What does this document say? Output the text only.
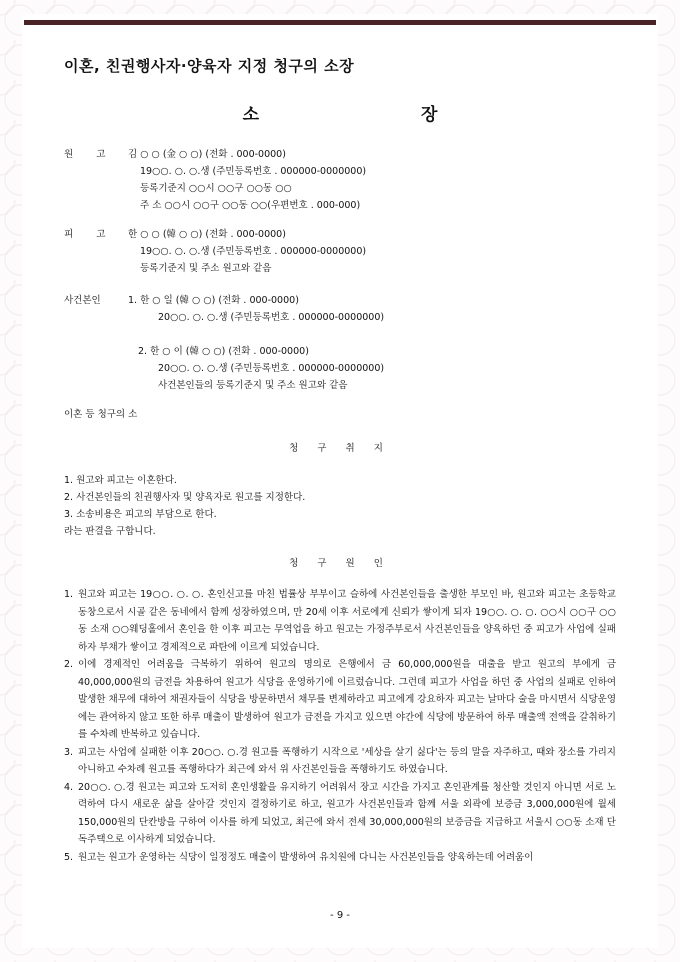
이혼, 친권행사자·양육자 지정 청구의 소장
소 장
원 고 김 ○ ○ (金 ○ ○) (전화 . 000-0000)
19○○. ○. ○.생 (주민등록번호 . 000000-0000000)
등록기준지 ○○시 ○○구 ○○동 ○○
주 소 ○○시 ○○구 ○○동 ○○(우편번호 . 000-000)
피 고 한 ○ ○ (韓 ○ ○) (전화 . 000-0000)
19○○. ○. ○.생 (주민등록번호 . 000000-0000000)
등록기준지 및 주소 원고와 같음
사건본인	1. 한 ○ 일 (韓 ○ ○) (전화 . 000-0000)
20○○. ○. ○.생 (주민등록번호 . 000000-0000000)
2. 한 ○ 이 (韓 ○ ○) (전화 . 000-0000)
20○○. ○. ○.생 (주민등록번호 . 000000-0000000)
사건본인들의 등록기준지 및 주소 원고와 같음
이혼 등 청구의 소
청 구 취 지
1. 원고와 피고는 이혼한다.
2. 사건본인들의 친권행사자 및 양육자로 원고를 지정한다.
3. 소송비용은 피고의 부담으로 한다.
라는 판결을 구합니다.
청 구 원 인
1. 원고와 피고는 19○○. ○. ○. 혼인신고를 마친 법률상 부부이고 슬하에 사건본인들을 출생한 부모인 바, 원고와 피고는 초등학교 동창으로서 시골 같은 동네에서 함께 성장하였으며, 만 20세 이후 서로에게 신뢰가 쌓이게 되자 19○○. ○. ○. ○○시 ○○구 ○○동 소재 ○○웨딩홀에서 혼인을 한 이후 피고는 무역업을 하고 원고는 가정주부로서 사건본인들을 양육하던 중 피고가 사업에 실패하자 부채가 쌓이고 경제적으로 파탄에 이르게 되었습니다.
2. 이에 경제적인 어려움을 극복하기 위하여 원고의 명의로 은행에서 금 60,000,000원을 대출을 받고 원고의 부에게 금 40,000,000원의 금전을 차용하여 원고가 식당을 운영하기에 이르렀습니다. 그런데 피고가 사업을 하던 중 사업의 실패로 인하여 발생한 채무에 대하여 채권자들이 식당을 방문하면서 채무를 변제하라고 피고에게 강요하자 피고는 날마다 술을 마시면서 식당운영에는 관여하지 않고 또한 하루 매출이 발생하여 원고가 금전을 가지고 있으면 야간에 식당에 방문하여 하루 매출액 전액을 갈취하기를 수차례 반복하고 있습니다.
3. 피고는 사업에 실패한 이후 20○○. ○.경 원고를 폭행하기 시작으로 '세상을 살기 싫다'는 등의 말을 자주하고, 때와 장소를 가리지 아니하고 수차례 원고를 폭행하다가 최근에 와서 위 사건본인들을 폭행하기도 하였습니다.
4. 20○○. ○.경 원고는 피고와 도저히 혼인생활을 유지하기 어려워서 장고 시간을 가지고 혼인관계를 청산할 것인지 아니면 서로 노력하여 다시 새로운 삶을 살아갈 것인지 결정하기로 하고, 원고가 사건본인들과 함께 서울 외곽에 보증금 3,000,000원에 월세 150,000원의 단칸방을 구하여 이사를 하게 되었고, 최근에 와서 전세 30,000,000원의 보증금을 지급하고 서울시 ○○동 소재 단독주택으로 이사하게 되었습니다.
5. 원고는 원고가 운영하는 식당이 일정정도 매출이 발생하여 유치원에 다니는 사건본인들을 양육하는데 어려움이
- 9 -
